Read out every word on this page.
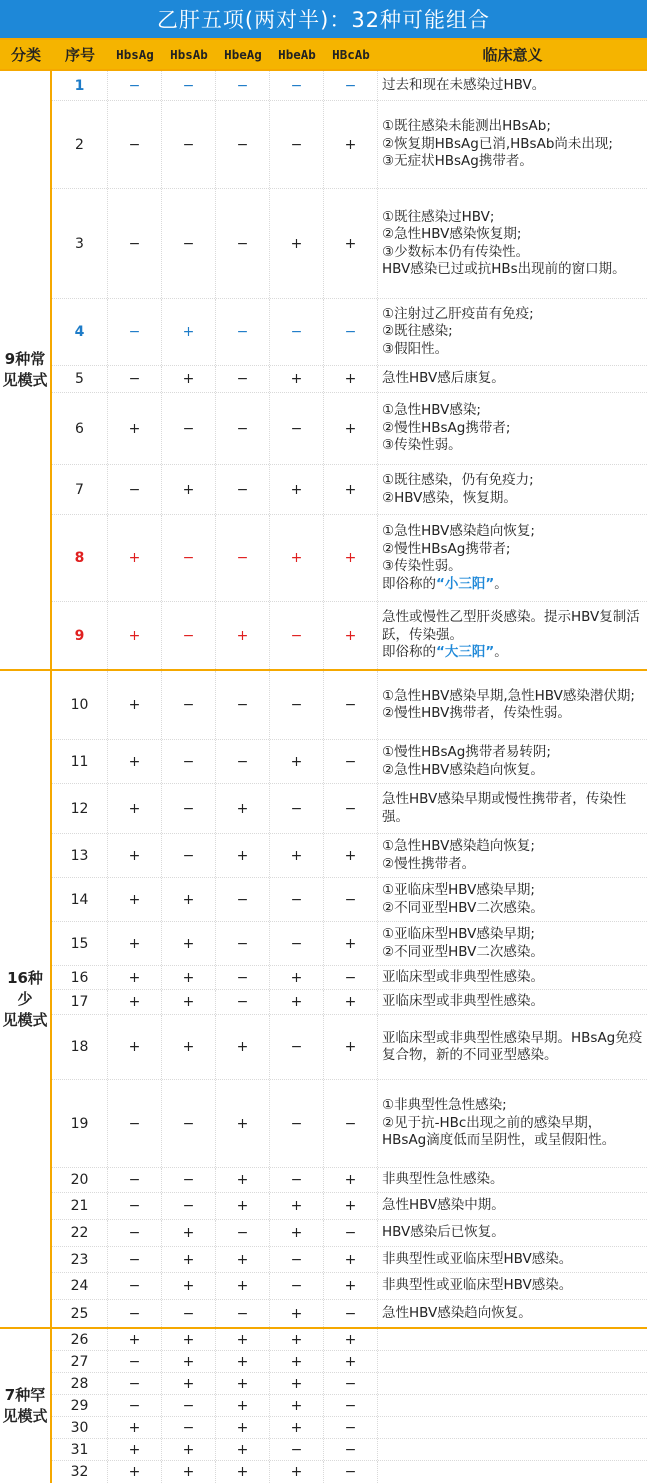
乙肝五项(两对半)：32种可能组合
分类	序号	HbsAg	HbsAb	HbeAg	HbeAb	HBcAb	临床意义
9种常
见模式
1	−	−	−	−	−	过去和现在未感染过HBV。
2	−	−	−	−	+
①既往感染未能测出HBsAb;
②恢复期HBsAg已消,HBsAb尚未出现;
③无症状HBsAg携带者。
3	−	−	−	+	+
①既往感染过HBV;
②急性HBV感染恢复期;
③少数标本仍有传染性。
HBV感染已过或抗HBs出现前的窗口期。
4	−	+	−	−	−
①注射过乙肝疫苗有免疫;
②既往感染;
③假阳性。
5	−	+	−	+	+	急性HBV感后康复。
6	+	−	−	−	+
①急性HBV感染;
②慢性HBsAg携带者;
③传染性弱。
7	−	+	−	+	+
①既往感染，仍有免疫力;
②HBV感染，恢复期。
8	+	−	−	+	+
①急性HBV感染趋向恢复;
②慢性HBsAg携带者;
③传染性弱。
即俗称的“小三阳”。
9	+	−	+	−	+
急性或慢性乙型肝炎感染。提示HBV复制活跃，传染强。
即俗称的“大三阳”。
16种少
见模式
10	+	−	−	−	−
①急性HBV感染早期,急性HBV感染潜伏期;
②慢性HBV携带者，传染性弱。
11	+	−	−	+	−
①慢性HBsAg携带者易转阴;
②急性HBV感染趋向恢复。
12	+	−	+	−	−
急性HBV感染早期或慢性携带者，传染性强。
13	+	−	+	+	+
①急性HBV感染趋向恢复;
②慢性携带者。
14	+	+	−	−	−
①亚临床型HBV感染早期;
②不同亚型HBV二次感染。
15	+	+	−	−	+
①亚临床型HBV感染早期;
②不同亚型HBV二次感染。
16	+	+	−	+	−	亚临床型或非典型性感染。
17	+	+	−	+	+	亚临床型或非典型性感染。
18	+	+	+	−	+
亚临床型或非典型性感染早期。HBsAg免疫复合物，新的不同亚型感染。
19	−	−	+	−	−
①非典型性急性感染;
②见于抗-HBc出现之前的感染早期，HBsAg滴度低而呈阴性，或呈假阳性。
20	−	−	+	−	+	非典型性急性感染。
21	−	−	+	+	+	急性HBV感染中期。
22	−	+	−	+	−	HBV感染后已恢复。
23	−	+	+	−	+	非典型性或亚临床型HBV感染。
24	−	+	+	−	+	非典型性或亚临床型HBV感染。
25	−	−	−	+	−	急性HBV感染趋向恢复。
7种罕
见模式
26	+	+	+	+	+
27	−	+	+	+	+
28	−	+	+	+	−
29	−	−	+	+	−
30	+	−	+	+	−
31	+	+	+	−	−
32	+	+	+	+	−
